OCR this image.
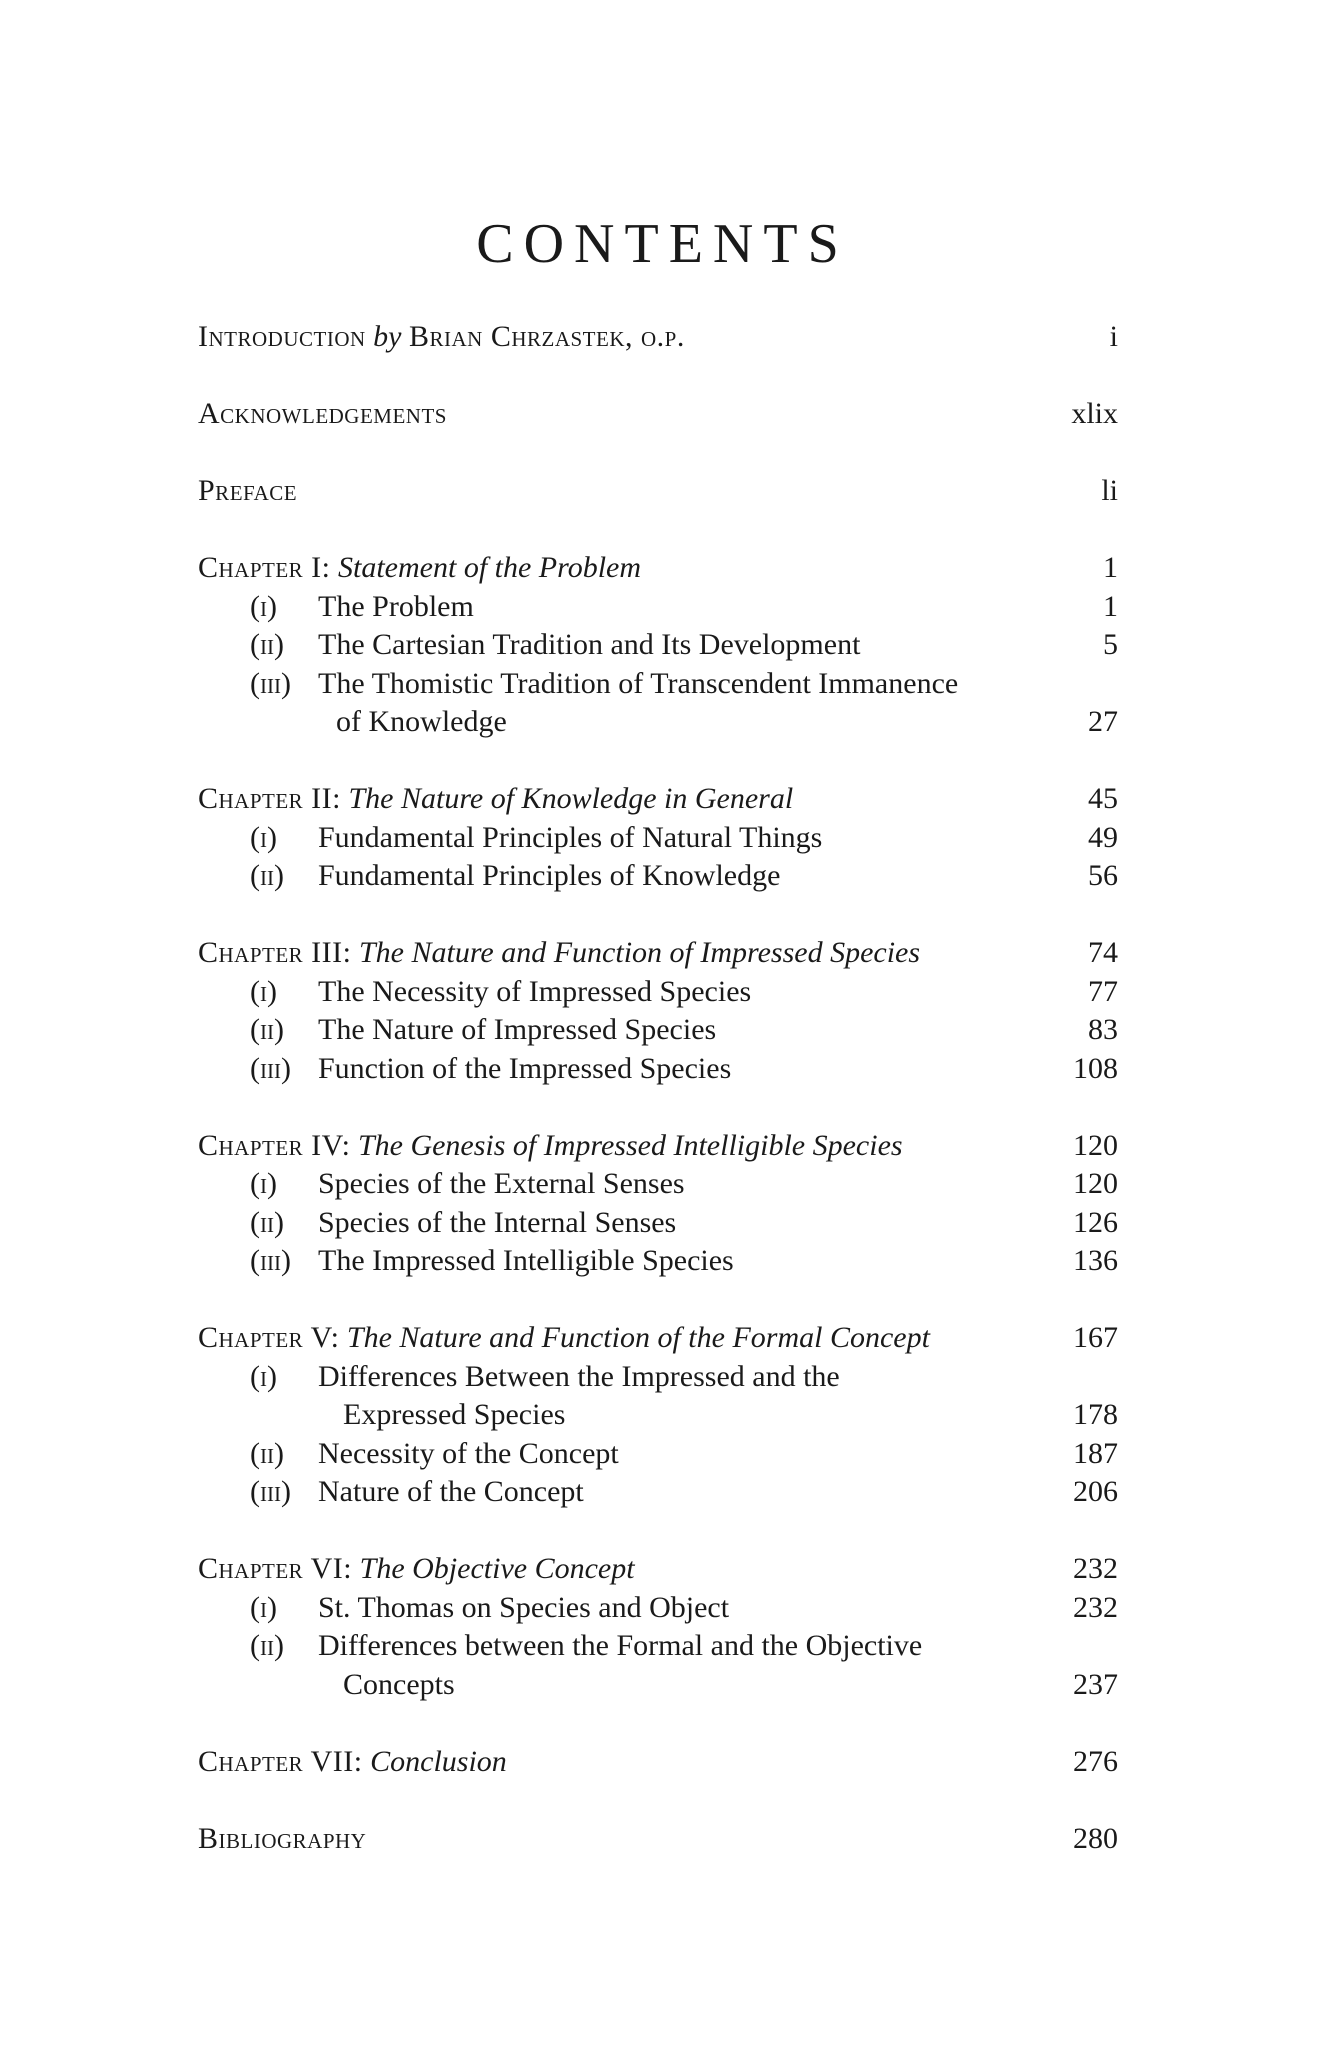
CONTENTS
Introduction by Brian Chrzastek, o.p.	i
Acknowledgements	xlix
Preface	li
Chapter I: Statement of the Problem	1
(i) The Problem	1
(ii) The Cartesian Tradition and Its Development	5
(iii) The Thomistic Tradition of Transcendent Immanence
of Knowledge	27
Chapter II: The Nature of Knowledge in General	45
(i) Fundamental Principles of Natural Things	49
(ii) Fundamental Principles of Knowledge	56
Chapter III: The Nature and Function of Impressed Species	74
(i) The Necessity of Impressed Species	77
(ii) The Nature of Impressed Species	83
(iii) Function of the Impressed Species	108
Chapter IV: The Genesis of Impressed Intelligible Species	120
(i) Species of the External Senses	120
(ii) Species of the Internal Senses	126
(iii) The Impressed Intelligible Species	136
Chapter V: The Nature and Function of the Formal Concept	167
(i) Differences Between the Impressed and the
Expressed Species	178
(ii) Necessity of the Concept	187
(iii) Nature of the Concept	206
Chapter VI: The Objective Concept	232
(i) St. Thomas on Species and Object	232
(ii) Differences between the Formal and the Objective
Concepts	237
Chapter VII: Conclusion	276
Bibliography	280
